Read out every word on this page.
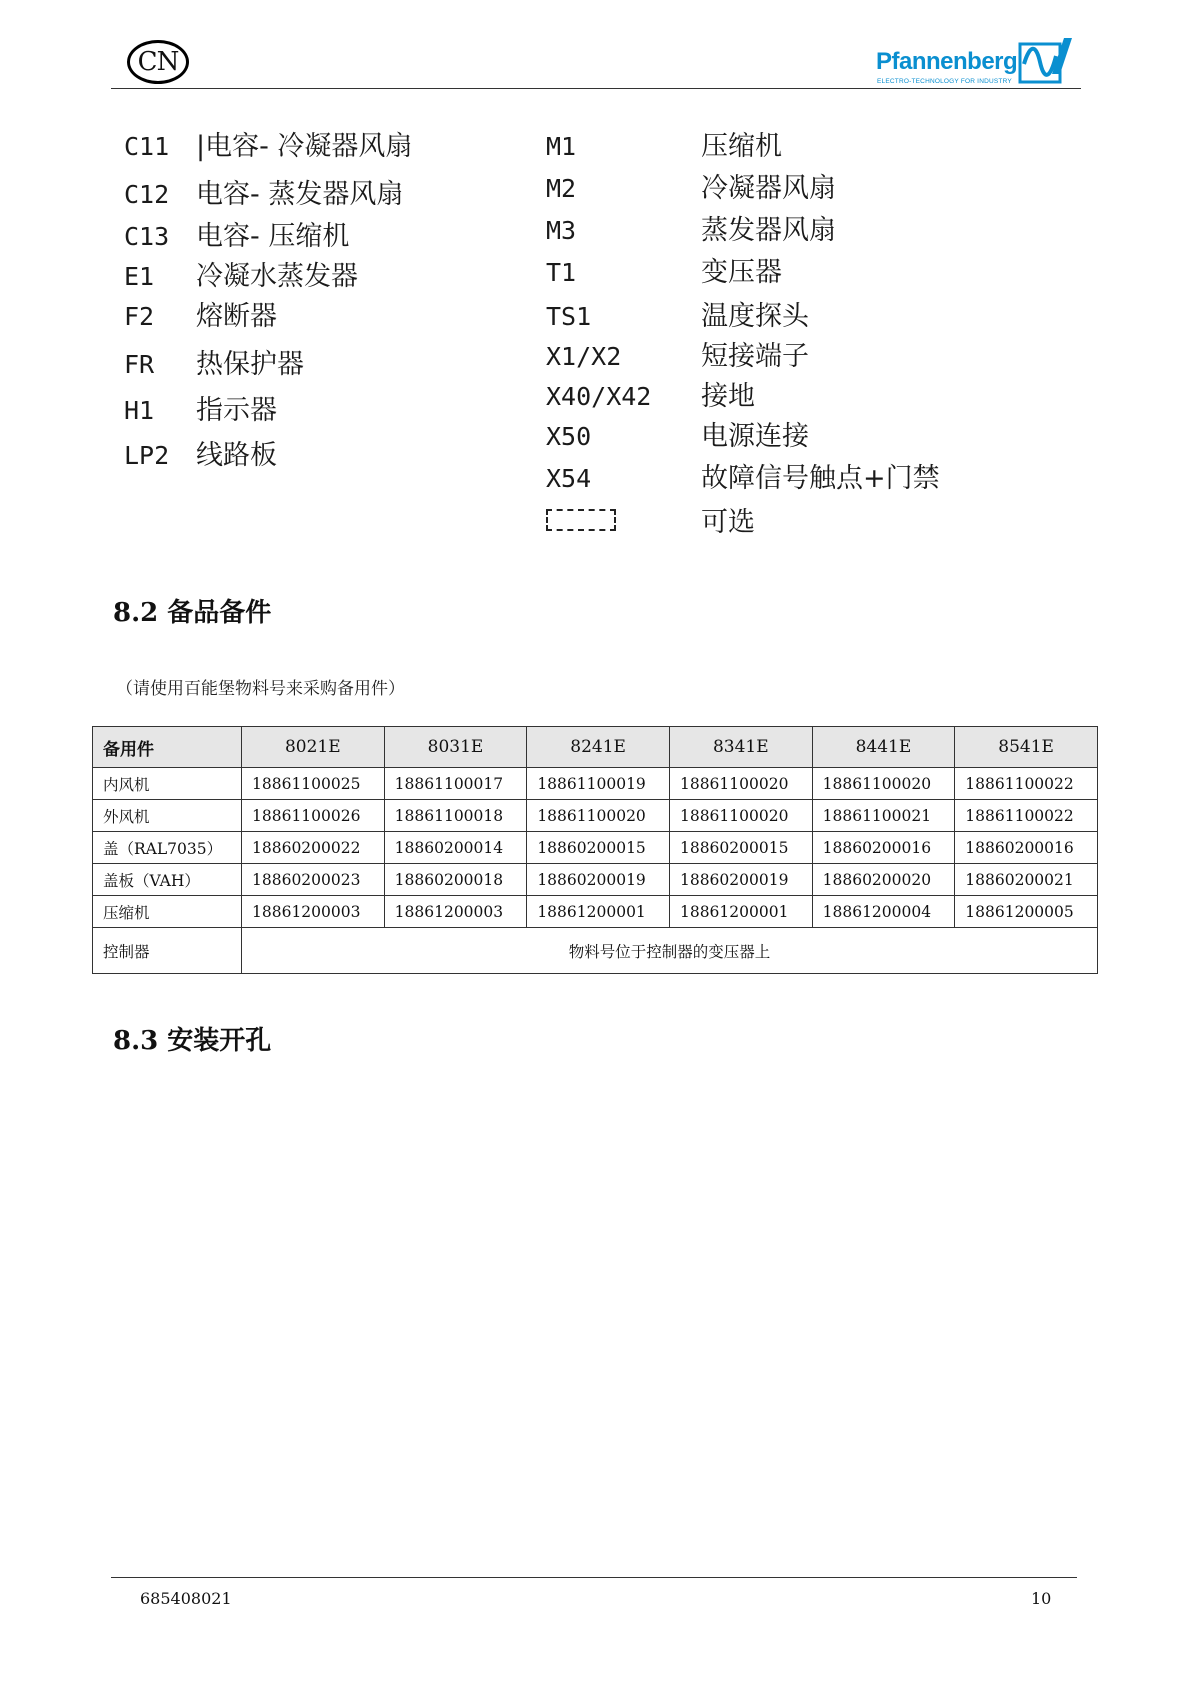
CN	Pfannenberg
ELECTRO-TECHNOLOGY FOR INDUSTRY
C11 |电容- 冷凝器风扇
C12 电容- 蒸发器风扇
C13 电容- 压缩机
E1	冷凝水蒸发器
F2	熔断器
FR	热保护器
H1	指示器
LP2 线路板
M1	压缩机
M2	冷凝器风扇
M3	蒸发器风扇
T1	变压器
TS1	温度探头
X1/X2	短接端子
X40/X42	接地
X50	电源连接
X54	故障信号触点+门禁
可选
8.2 备品备件
（请使用百能堡物料号来采购备用件）
备用件	8021E	8031E	8241E	8341E	8441E	8541E
内风机	18861100025	18861100017	18861100019	18861100020	18861100020	18861100022
外风机	18861100026	18861100018	18861100020	18861100020	18861100021	18861100022
盖（RAL7035）	18860200022	18860200014	18860200015	18860200015	18860200016	18860200016
盖板（VAH）	18860200023	18860200018	18860200019	18860200019	18860200020	18860200021
压缩机	18861200003	18861200003	18861200001	18861200001	18861200004	18861200005
控制器	物料号位于控制器的变压器上					
8.3 安装开孔
685408021	10
